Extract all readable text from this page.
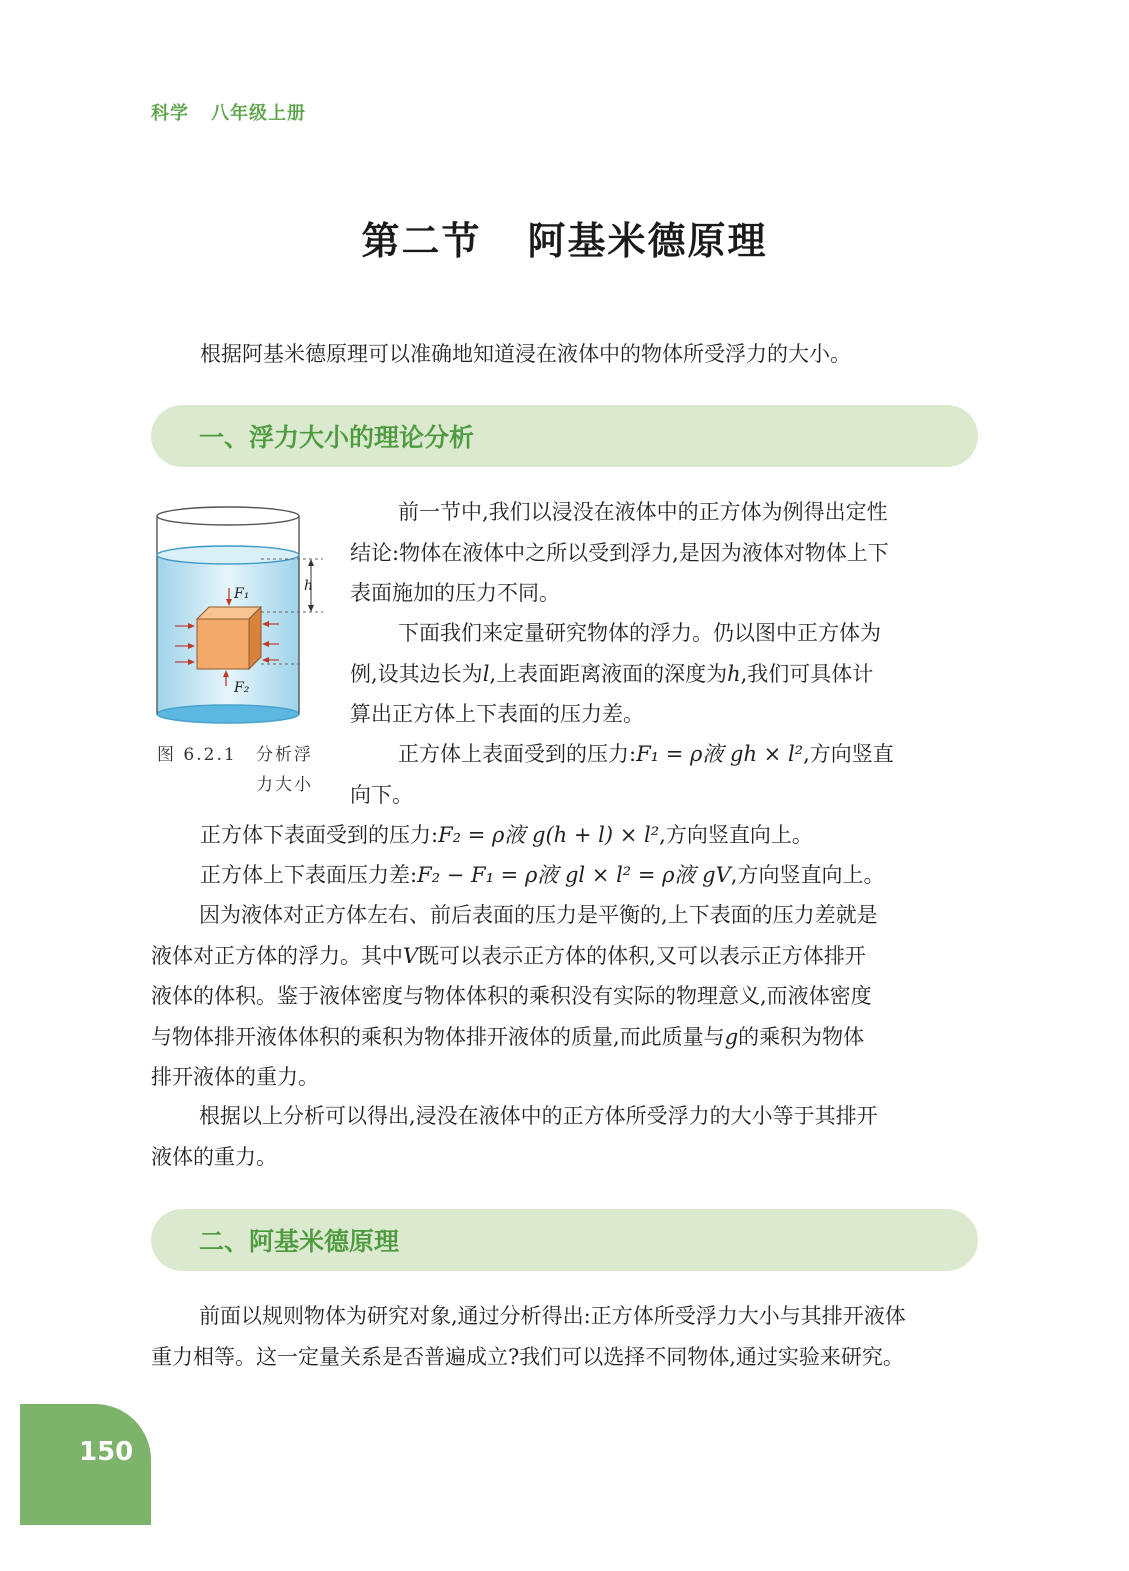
科学 八年级上册
第二节 阿基米德原理

根据阿基米德原理可以准确地知道浸在液体中的物体所受浮力的大小。

一、浮力大小的理论分析
h
F₁
F₂
图 6.2.1 分析浮
力大小

前一节中,我们以浸没在液体中的正方体为例得出定性
结论:物体在液体中之所以受到浮力,是因为液体对物体上下
表面施加的压力不同。

下面我们来定量研究物体的浮力。仍以图中正方体为
例,设其边长为l,上表面距离液面的深度为h,我们可具体计
算出正方体上下表面的压力差。

正方体上表面受到的压力:F₁ = ρ液 gh × l²,方向竖直
向下。

正方体下表面受到的压力:F₂ = ρ液 g(h + l) × l²,方向竖直向上。

正方体上下表面压力差:F₂ − F₁ = ρ液 gl × l² = ρ液 gV,方向竖直向上。

因为液体对正方体左右、前后表面的压力是平衡的,上下表面的压力差就是
液体对正方体的浮力。其中V既可以表示正方体的体积,又可以表示正方体排开
液体的体积。鉴于液体密度与物体体积的乘积没有实际的物理意义,而液体密度
与物体排开液体体积的乘积为物体排开液体的质量,而此质量与g的乘积为物体
排开液体的重力。

根据以上分析可以得出,浸没在液体中的正方体所受浮力的大小等于其排开
液体的重力。

二、阿基米德原理

前面以规则物体为研究对象,通过分析得出:正方体所受浮力大小与其排开液体
重力相等。这一定量关系是否普遍成立?我们可以选择不同物体,通过实验来研究。

150
